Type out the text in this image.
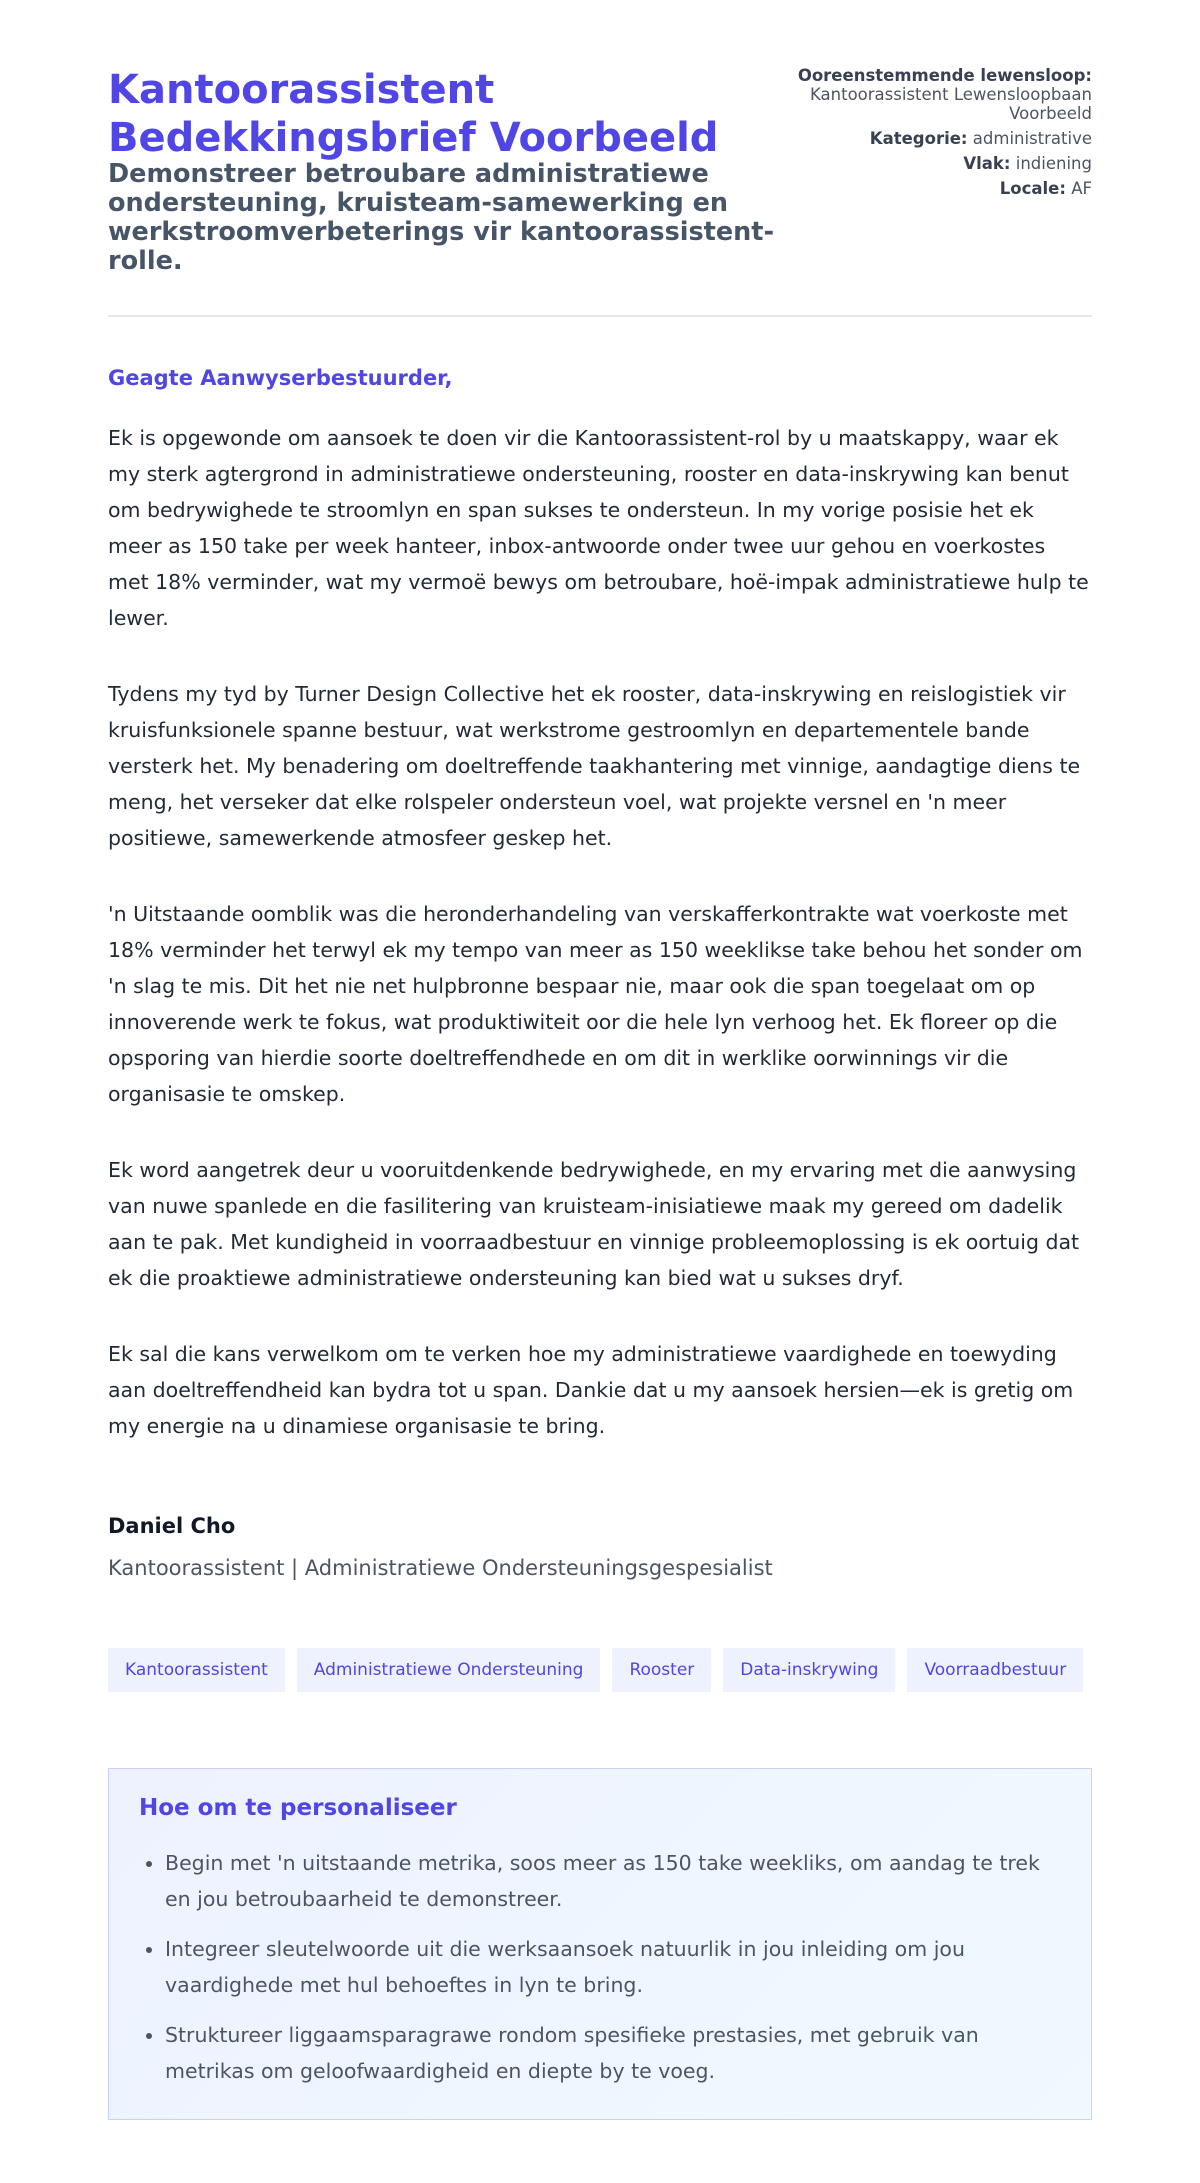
Kantoorassistent Bedekkingsbrief Voorbeeld

Demonstreer betroubare administratiewe ondersteuning, kruisteam-samewerking en werkstroomverbeterings vir kantoorassistent-rolle.

Ooreenstemmende lewensloop:
Kantoorassistent Lewensloopbaan Voorbeeld
Kategorie: administrative
Vlak: indiening
Locale: AF

Geagte Aanwyserbestuurder,

Ek is opgewonde om aansoek te doen vir die Kantoorassistent-rol by u maatskappy, waar ek my sterk agtergrond in administratiewe ondersteuning, rooster en data-inskrywing kan benut om bedrywighede te stroomlyn en span sukses te ondersteun. In my vorige posisie het ek meer as 150 take per week hanteer, inbox-antwoorde onder twee uur gehou en voerkostes met 18% verminder, wat my vermoë bewys om betroubare, hoë-impak administratiewe hulp te lewer.

Tydens my tyd by Turner Design Collective het ek rooster, data-inskrywing en reislogistiek vir kruisfunksionele spanne bestuur, wat werkstrome gestroomlyn en departementele bande versterk het. My benadering om doeltreffende taakhantering met vinnige, aandagtige diens te meng, het verseker dat elke rolspeler ondersteun voel, wat projekte versnel en 'n meer positiewe, samewerkende atmosfeer geskep het.

'n Uitstaande oomblik was die heronderhandeling van verskafferkontrakte wat voerkoste met 18% verminder het terwyl ek my tempo van meer as 150 weeklikse take behou het sonder om 'n slag te mis. Dit het nie net hulpbronne bespaar nie, maar ook die span toegelaat om op innoverende werk te fokus, wat produktiwiteit oor die hele lyn verhoog het. Ek floreer op die opsporing van hierdie soorte doeltreffendhede en om dit in werklike oorwinnings vir die organisasie te omskep.

Ek word aangetrek deur u vooruitdenkende bedrywighede, en my ervaring met die aanwysing van nuwe spanlede en die fasilitering van kruisteam-inisiatiewe maak my gereed om dadelik aan te pak. Met kundigheid in voorraadbestuur en vinnige probleemoplossing is ek oortuig dat ek die proaktiewe administratiewe ondersteuning kan bied wat u sukses dryf.

Ek sal die kans verwelkom om te verken hoe my administratiewe vaardighede en toewyding aan doeltreffendheid kan bydra tot u span. Dankie dat u my aansoek hersien—ek is gretig om my energie na u dinamiese organisasie te bring.

Daniel Cho

Kantoorassistent | Administratiewe Ondersteuningsgespesialist

Kantoorassistent	Administratiewe Ondersteuning	Rooster	Data-inskrywing	Voorraadbestuur
Hoe om te personaliseer
• Begin met 'n uitstaande metrika, soos meer as 150 take weekliks, om aandag te trek en jou betroubaarheid te demonstreer.
• Integreer sleutelwoorde uit die werksaansoek natuurlik in jou inleiding om jou vaardighede met hul behoeftes in lyn te bring.
• Struktureer liggaamsparagrawe rondom spesifieke prestasies, met gebruik van metrikas om geloofwaardigheid en diepte by te voeg.
